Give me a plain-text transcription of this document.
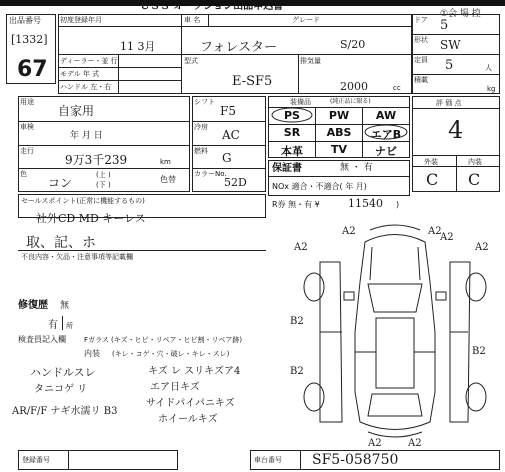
ＵＳＳ オークション出品申込書
①会 場 控
出品番号
[1332]
67
初度登録年月	車 名	グレード
11 3月	フォレスター	S/20
ディーラー・並 行
モデル 年 式
ハンドル 左・右
型式
E-SF5
排気量
2000	cc
ドア 5
形状 SW
定員 5	人
積載
kg
用途
自家用
車検
年 月 日
走行
9万3千239	km
色
コン
(上 )
(下 )
色替
シフト
F5
冷房
AC
燃料 G
カラーNo.
52D
装備品	(純正品に限る)
PS	PW	AW
SR	ABS	エアB
本革	TV	ナビ
保証書	無 ・ 有
NOx 適合・不適合( 年 月)
R券 無・有 ¥	11540 )
評 価 点
4
外装	内装
C C
セールスポイント(正常に機能するもの)
社外CD MD キーレス
取、記、ホ
不良内容・欠品・注意事項等記載欄
修復歴 無
有 所
検査員記入欄	Fガラス (キズ・ヒビ・リペア・ヒビ割・リペア跡)
内装 (キレ・コゲ・穴・破レ・キレ・スレ)
ハンドルスレ
タニコゲ リ
AR/F/F ナギ水濡リ B3
キズ レ スリキズア4
エア日キズ
サイドパイパニキズ
ホイールキズ
A2	A2
A2	A2
A2
B2
B2
B2
A2	A2
登録番号	車台番号 SF5-058750
